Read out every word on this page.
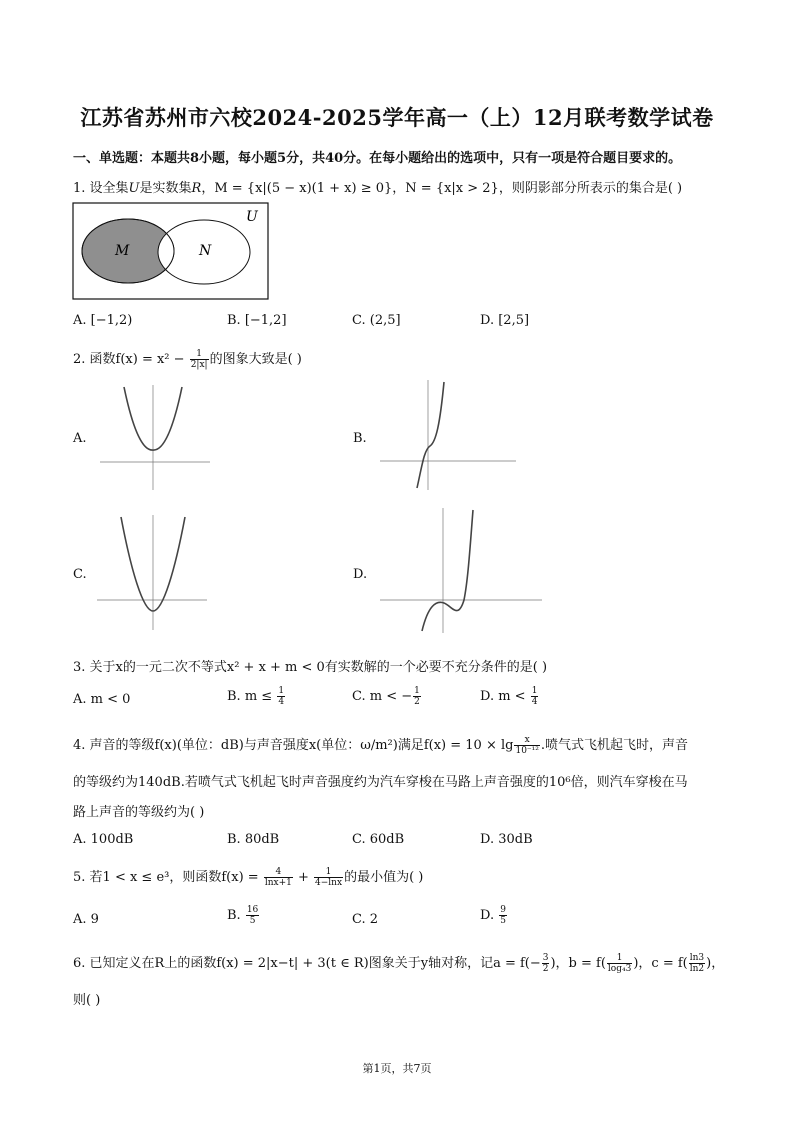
江苏省苏州市六校2024-2025学年高一（上）12月联考数学试卷
一、单选题：本题共8小题，每小题5分，共40分。在每小题给出的选项中，只有一项是符合题目要求的。
1. 设全集U是实数集R，M = {x|(5 − x)(1 + x) ≥ 0}，N = {x|x > 2}，则阴影部分所表示的集合是( )
U
M	N
A. [−1,2)	B. [−1,2]	C. (2,5]	D. [2,5]
2. 函数$f(x) = x^2 - \frac{1}{2|x|}$ 的图象大致是( )
A.	B.
C.	D.
3. 关于x的一元二次不等式x² + x + m < 0有实数解的一个必要不充分条件的是( )
A. m < 0	B. $m \le \frac{1}{4}$	C. m < − $\frac{1}{2}$	D. $m < \frac{1}{4}$
4. 声音的等级f(x)(单位：dB)与声音强度x(单位：ω/m²)满足$f(x) = 10 \times \lg \frac{x}{\text{10⁻¹²}}$ .喷气式飞机起飞时，声音
的等级约为140dB.若喷气式飞机起飞时声音强度约为汽车穿梭在马路上声音强度的10⁶倍，则汽车穿梭在马
路上声音的等级约为( )
A. 100dB	B. 80dB	C. 60dB	D. 30dB
5. 若1 < x ≤ e³，则函数$f(x) = \frac{4}{\ln x+1} + \frac{1}{4-\ln x}$ 的最小值为( )
A. 9	B. $\frac{16}{5}$	C. 2	D. $\frac{9}{5}$
6. 已知定义在R上的函数f(x) = 2|x−t| + 3(t ∈ R)图象关于y轴对称，记$a = f(- \frac{3}{2}$ )，$b = f( \frac{1}{\text{log₄3}}$ )，$c = f( \frac{\ln 3}{\ln 2}$ )，
则( )
第1页，共7页
